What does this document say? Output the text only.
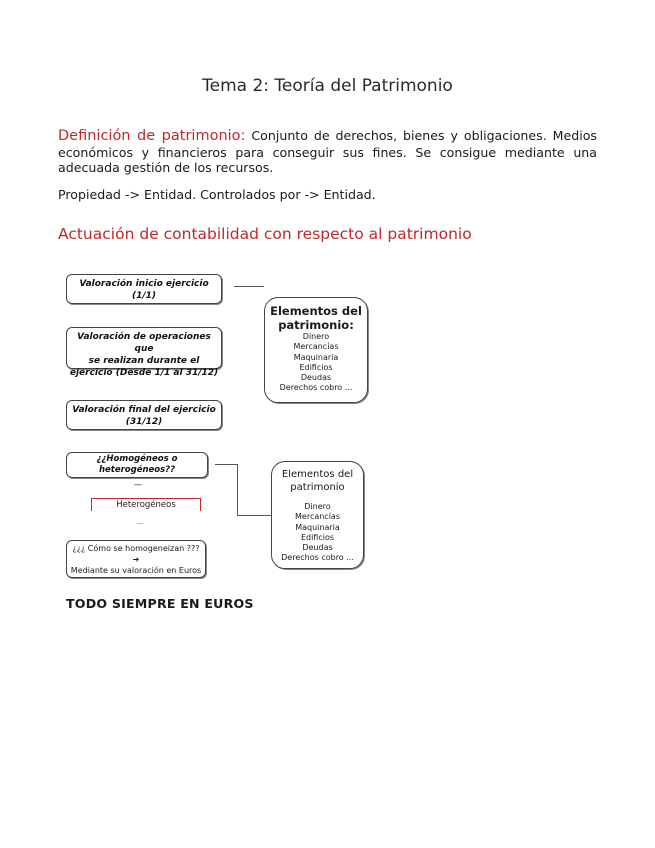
Tema 2: Teoría del Patrimonio
Definición de patrimonio: Conjunto de derechos, bienes y obligaciones. Medios económicos y financieros para conseguir sus fines. Se consigue mediante una adecuada gestión de los recursos.
Propiedad -> Entidad. Controlados por -> Entidad.
Actuación de contabilidad con respecto al patrimonio
Valoración inicio ejercicio
(1/1)
Valoración de operaciones que
se realizan durante el
ejercicio (Desde 1/1 al 31/12)
Valoración final del ejercicio
(31/12)
Elementos del
patrimonio:
Dinero
Mercancías
Maquinaria
Edificios
Deudas
Derechos cobro ...
¿¿Homogéneos o
heterogéneos??
—
Heterogéneos
—
¿¿¿ Cómo se homogeneizan ???
➔
Mediante su valoración en Euros
Elementos del
patrimonio
Dinero
Mercancías
Maquinaria
Edificios
Deudas
Derechos cobro ...
TODO SIEMPRE EN EUROS
